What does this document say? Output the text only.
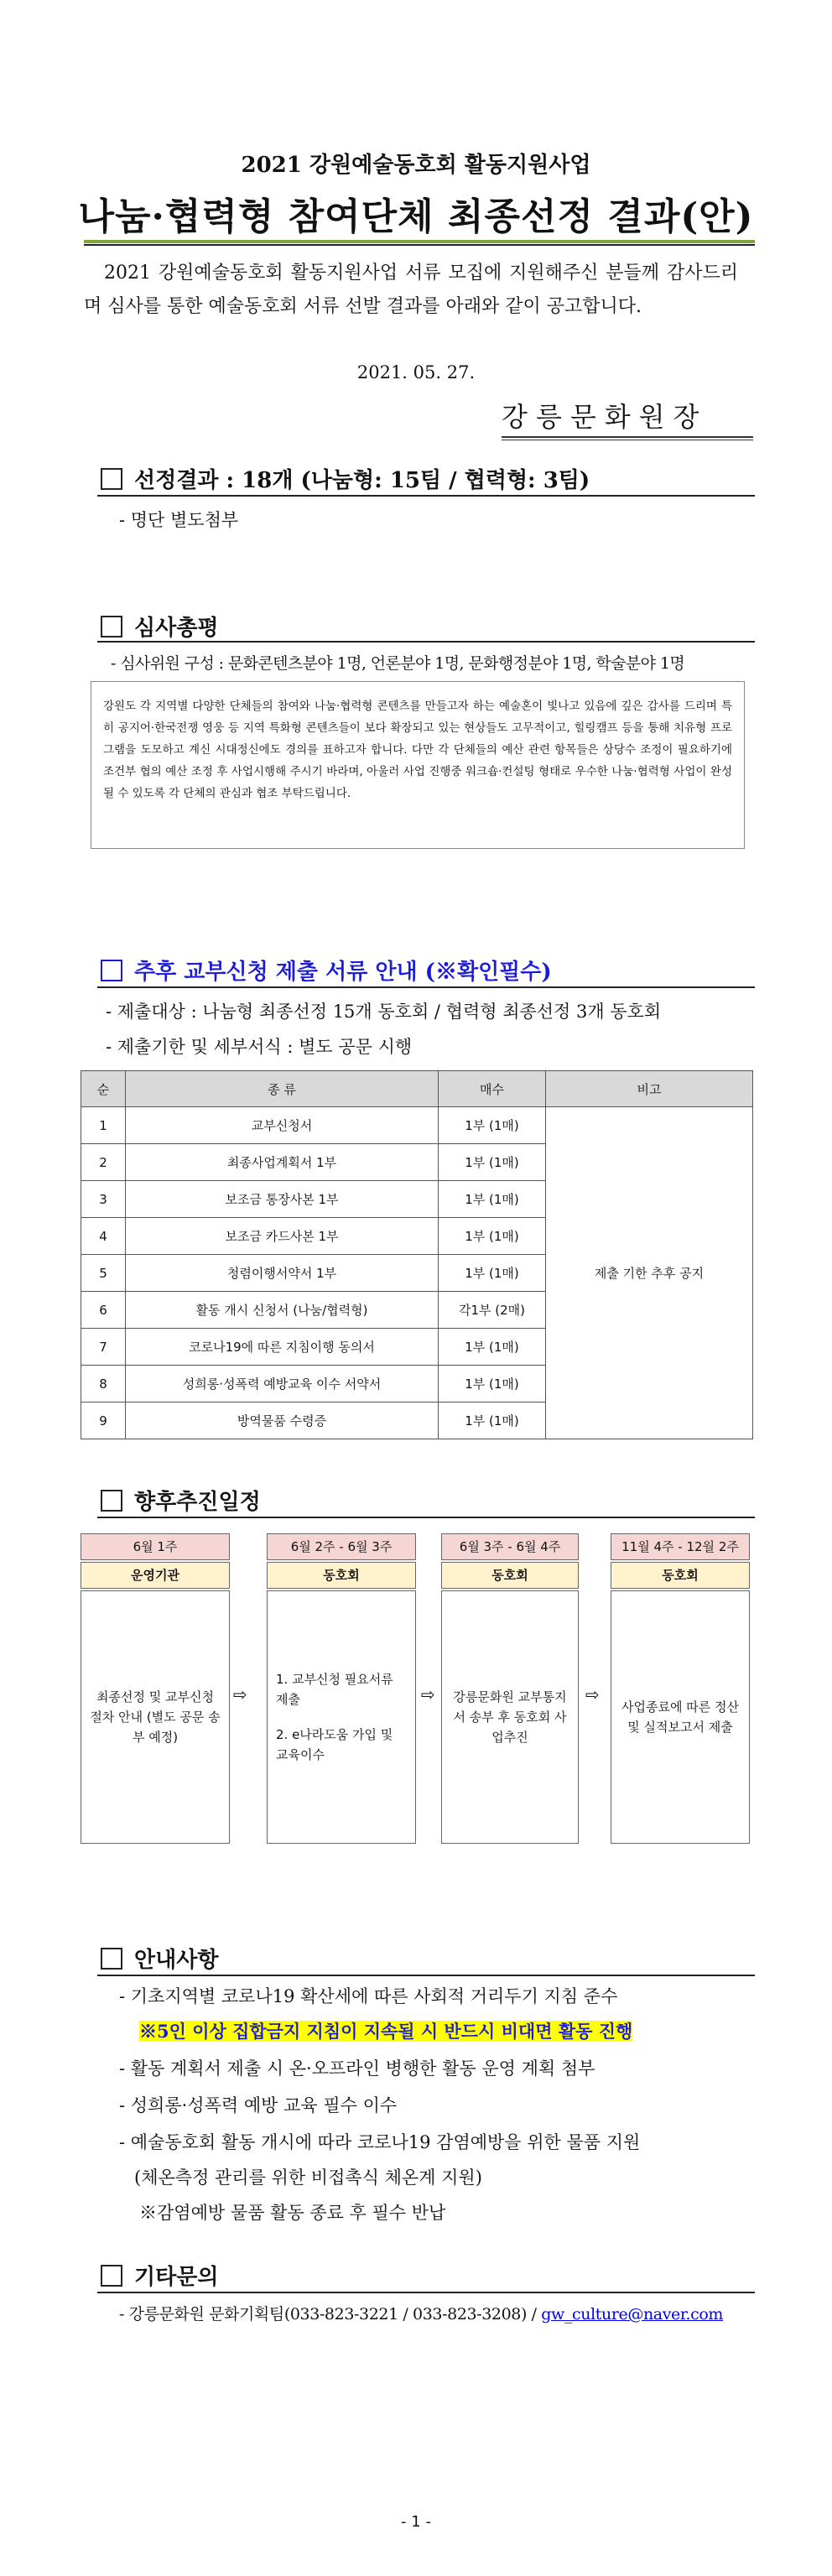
2021 강원예술동호회 활동지원사업
나눔·협력형 참여단체 최종선정 결과(안)
2021 강원예술동호회 활동지원사업 서류 모집에 지원해주신 분들께 감사드리며 심사를 통한 예술동호회 서류 선발 결과를 아래와 같이 공고합니다.
2021. 05. 27.
강릉문화원장
선정결과 : 18개 (나눔형: 15팀 / 협력형: 3팀)
- 명단 별도첨부
심사총평
- 심사위원 구성 : 문화콘텐츠분야 1명, 언론분야 1명, 문화행정분야 1명, 학술분야 1명
강원도 각 지역별 다양한 단체들의 참여와 나눔·협력형 콘텐츠를 만들고자 하는 예술혼이 빛나고 있음에 깊은 감사를 드리며 특히 공지어·한국전쟁 영웅 등 지역 특화형 콘텐츠들이 보다 확장되고 있는 현상들도 고무적이고, 힐링캠프 등을 통해 치유형 프로그램을 도모하고 계신 시대정신에도 경의를 표하고자 합니다. 다만 각 단체들의 예산 관련 항목들은 상당수 조정이 필요하기에 조건부 협의 예산 조정 후 사업시행해 주시기 바라며, 아울러 사업 진행중 워크숍·컨설팅 형태로 우수한 나눔·협력형 사업이 완성될 수 있도록 각 단체의 관심과 협조 부탁드립니다.
추후 교부신청 제출 서류 안내 (※확인필수)
- 제출대상 : 나눔형 최종선정 15개 동호회 / 협력형 최종선정 3개 동호회
- 제출기한 및 세부서식 : 별도 공문 시행
순	종 류	매수	비고
1	교부신청서	1부 (1매)	제출 기한 추후 공지
2	최종사업계획서 1부	1부 (1매)	
3	보조금 통장사본 1부	1부 (1매)	
4	보조금 카드사본 1부	1부 (1매)	
5	청렴이행서약서 1부	1부 (1매)	
6	활동 개시 신청서 (나눔/협력형)	각1부 (2매)	
7	코로나19에 따른 지침이행 동의서	1부 (1매)	
8	성희롱·성폭력 예방교육 이수 서약서	1부 (1매)	
9	방역물품 수령증	1부 (1매)	
향후추진일정
6월 1주
운영기관
최종선정 및 교부신청 절차 안내 (별도 공문 송부 예정)
⇨
6월 2주 - 6월 3주
동호회
1. 교부신청 필요서류 제출
2. e나라도움 가입 및 교육이수
⇨
6월 3주 - 6월 4주
동호회
강릉문화원 교부통지서 송부 후 동호회 사업추진
⇨
11월 4주 - 12월 2주
동호회
사업종료에 따른 정산 및 실적보고서 제출
안내사항
- 기초지역별 코로나19 확산세에 따른 사회적 거리두기 지침 준수
※5인 이상 집합금지 지침이 지속될 시 반드시 비대면 활동 진행
- 활동 계획서 제출 시 온·오프라인 병행한 활동 운영 계획 첨부
- 성희롱·성폭력 예방 교육 필수 이수
- 예술동호회 활동 개시에 따라 코로나19 감염예방을 위한 물품 지원
(체온측정 관리를 위한 비접촉식 체온계 지원)
※감염예방 물품 활동 종료 후 필수 반납
기타문의
- 강릉문화원 문화기획팀(033-823-3221 / 033-823-3208) / gw_culture@naver.com
- 1 -
